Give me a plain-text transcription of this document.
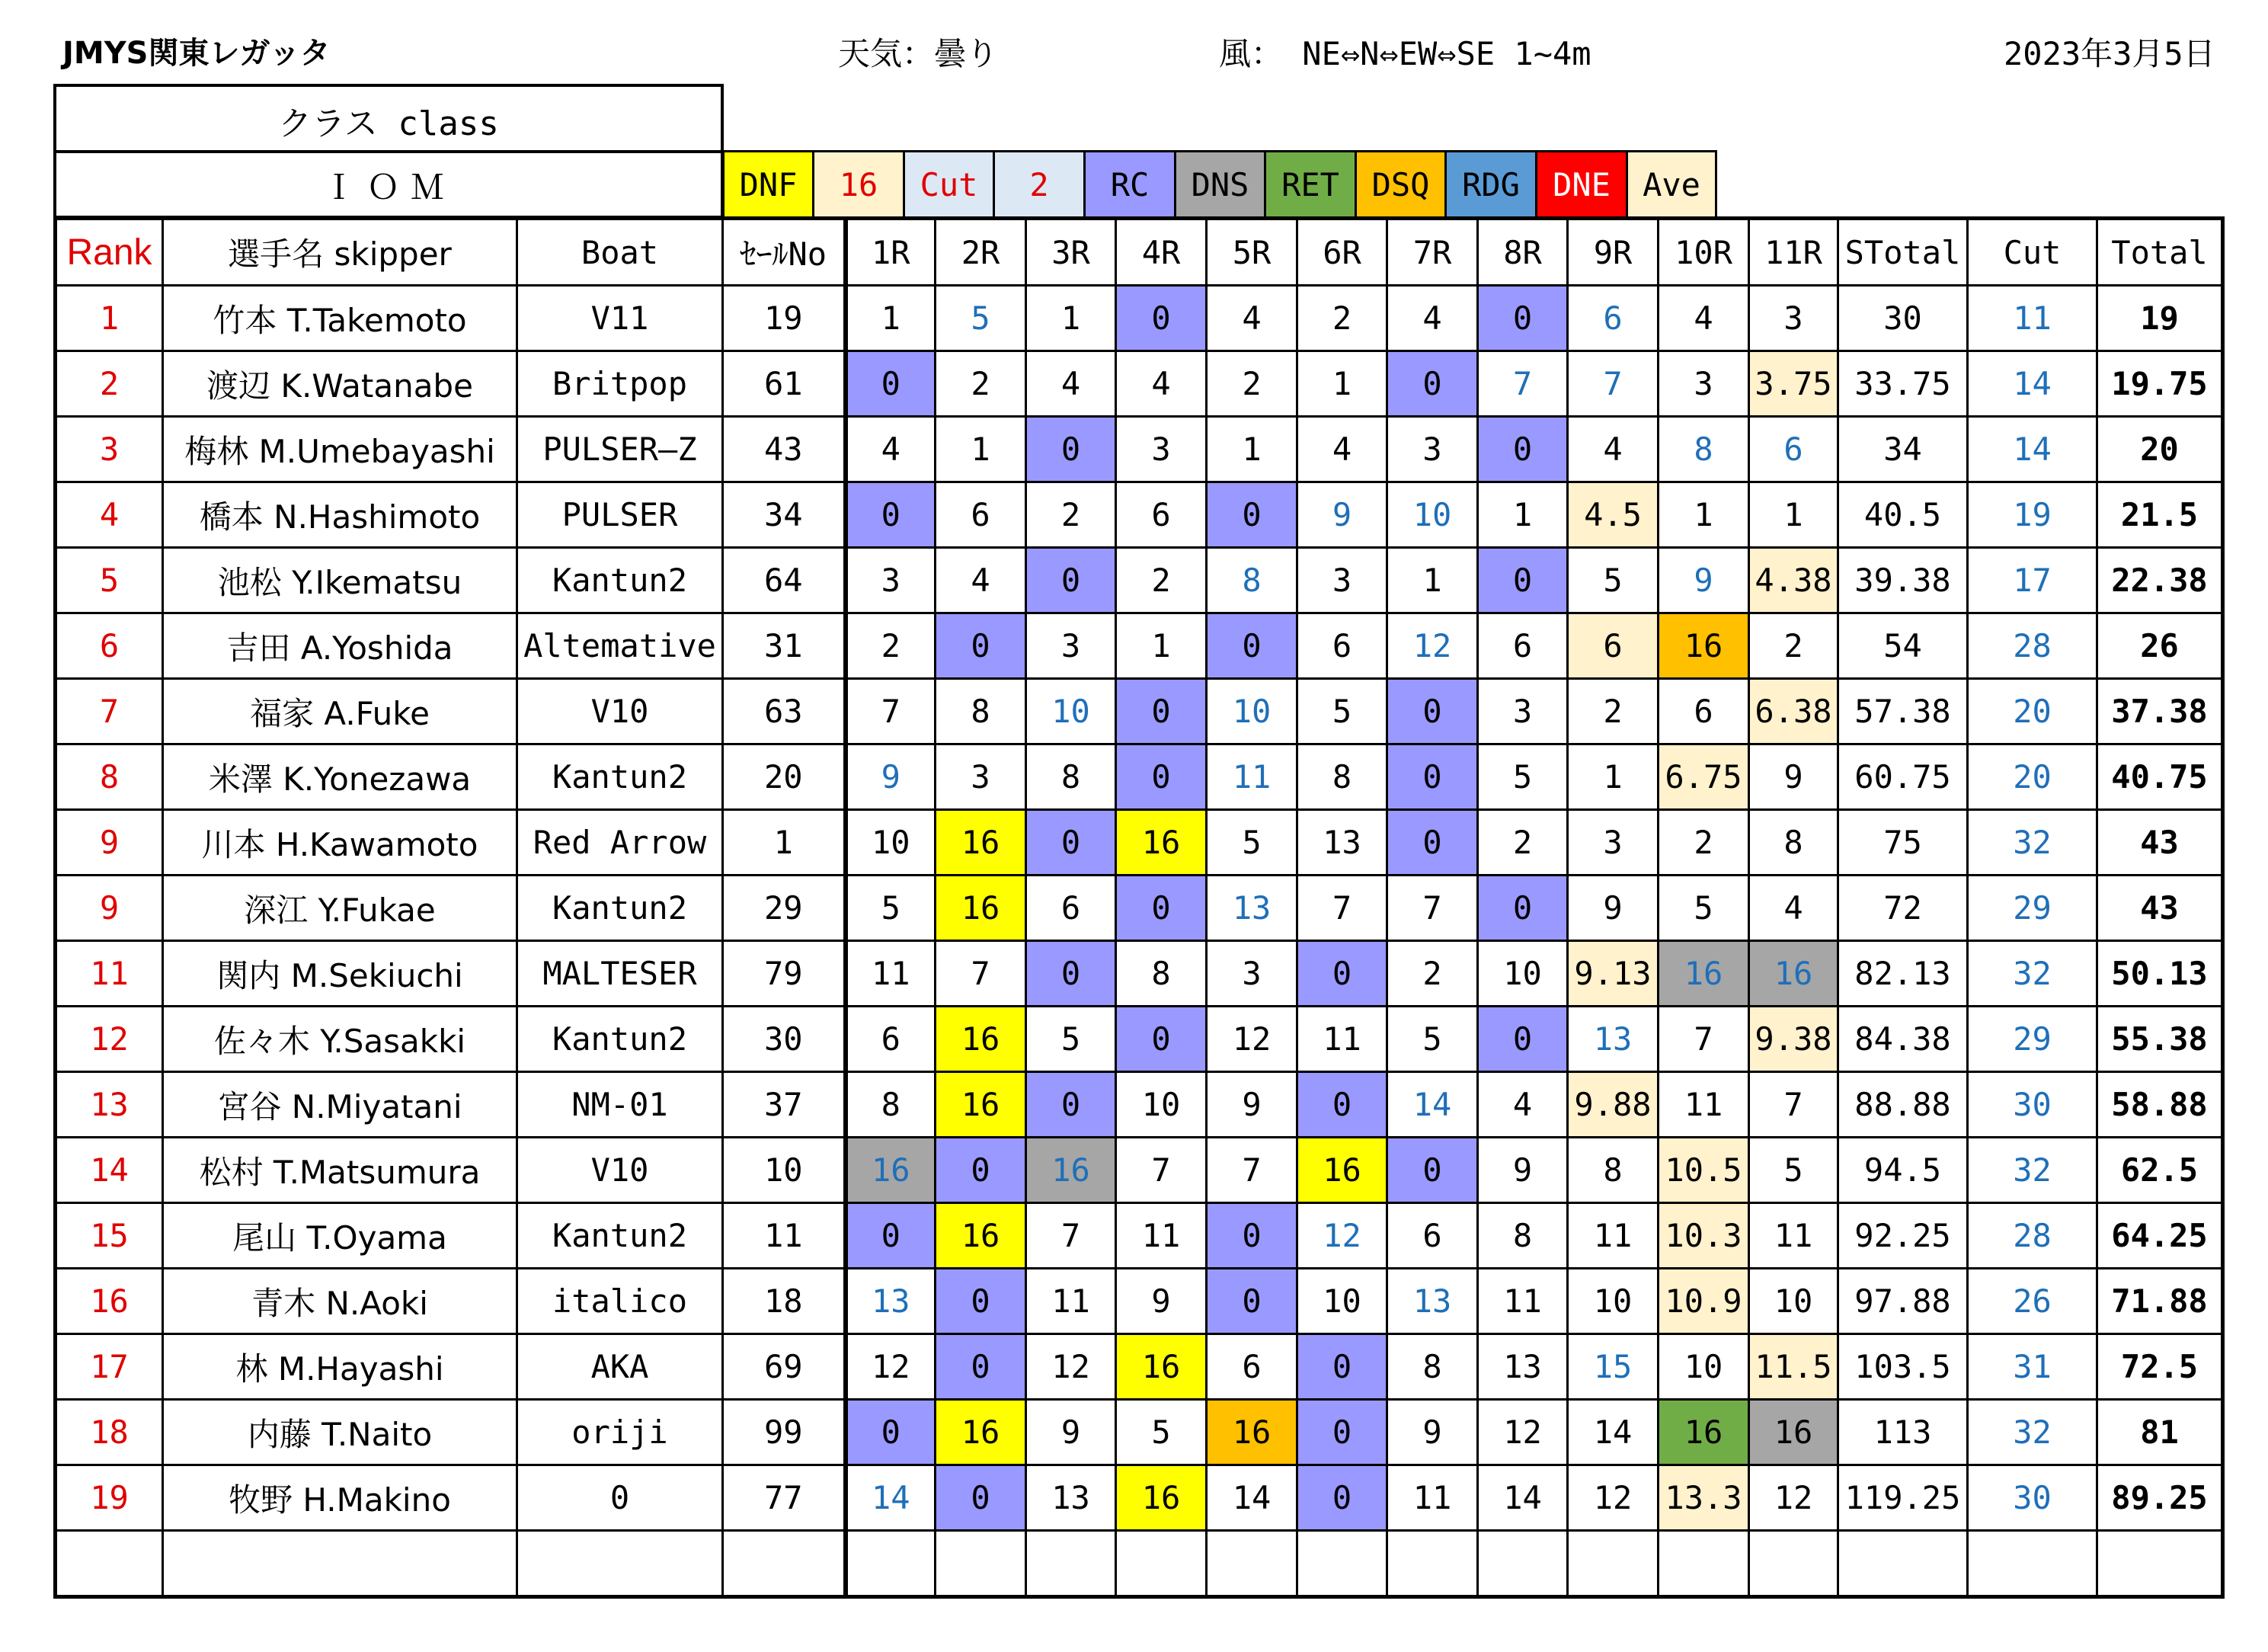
JMYS関東レガッタ	天気：曇り	風： NE⇔N⇔EW⇔SE 1~4m	2023年3月5日
クラス class
ＩＯＭ	DNF	16	Cut	2	RC	DNS	RET	DSQ	RDG	DNE	Ave
Rank	選手名 skipper	Boat	ｾｰﾙNo	1R	2R	3R	4R	5R	6R	7R	8R	9R	10R	11R	STotal	Cut	Total
1	竹本 T.Takemoto	V11	19	1	5	1	0	4	2	4	0	6	4	3	30	11	19
2	渡辺 K.Watanabe	Britpop	61	0	2	4	4	2	1	0	7	7	3	3.75	33.75	14	19.75
3	梅林 M.Umebayashi	PULSER―Z	43	4	1	0	3	1	4	3	0	4	8	6	34	14	20
4	橋本 N.Hashimoto	PULSER	34	0	6	2	6	0	9	10	1	4.5	1	1	40.5	19	21.5
5	池松 Y.Ikematsu	Kantun2	64	3	4	0	2	8	3	1	0	5	9	4.38	39.38	17	22.38
6	吉田 A.Yoshida	Altemative	31	2	0	3	1	0	6	12	6	6	16	2	54	28	26
7	福家 A.Fuke	V10	63	7	8	10	0	10	5	0	3	2	6	6.38	57.38	20	37.38
8	米澤 K.Yonezawa	Kantun2	20	9	3	8	0	11	8	0	5	1	6.75	9	60.75	20	40.75
9	川本 H.Kawamoto	Red Arrow	1	10	16	0	16	5	13	0	2	3	2	8	75	32	43
9	深江 Y.Fukae	Kantun2	29	5	16	6	0	13	7	7	0	9	5	4	72	29	43
11	関内 M.Sekiuchi	MALTESER	79	11	7	0	8	3	0	2	10	9.13	16	16	82.13	32	50.13
12	佐々木 Y.Sasakki	Kantun2	30	6	16	5	0	12	11	5	0	13	7	9.38	84.38	29	55.38
13	宮谷 N.Miyatani	NM-01	37	8	16	0	10	9	0	14	4	9.88	11	7	88.88	30	58.88
14	松村 T.Matsumura	V10	10	16	0	16	7	7	16	0	9	8	10.5	5	94.5	32	62.5
15	尾山 T.Oyama	Kantun2	11	0	16	7	11	0	12	6	8	11	10.3	11	92.25	28	64.25
16	青木 N.Aoki	italico	18	13	0	11	9	0	10	13	11	10	10.9	10	97.88	26	71.88
17	林 M.Hayashi	AKA	69	12	0	12	16	6	0	8	13	15	10	11.5	103.5	31	72.5
18	内藤 T.Naito	oriji	99	0	16	9	5	16	0	9	12	14	16	16	113	32	81
19	牧野 H.Makino	0	77	14	0	13	16	14	0	11	14	12	13.3	12	119.25	30	89.25
